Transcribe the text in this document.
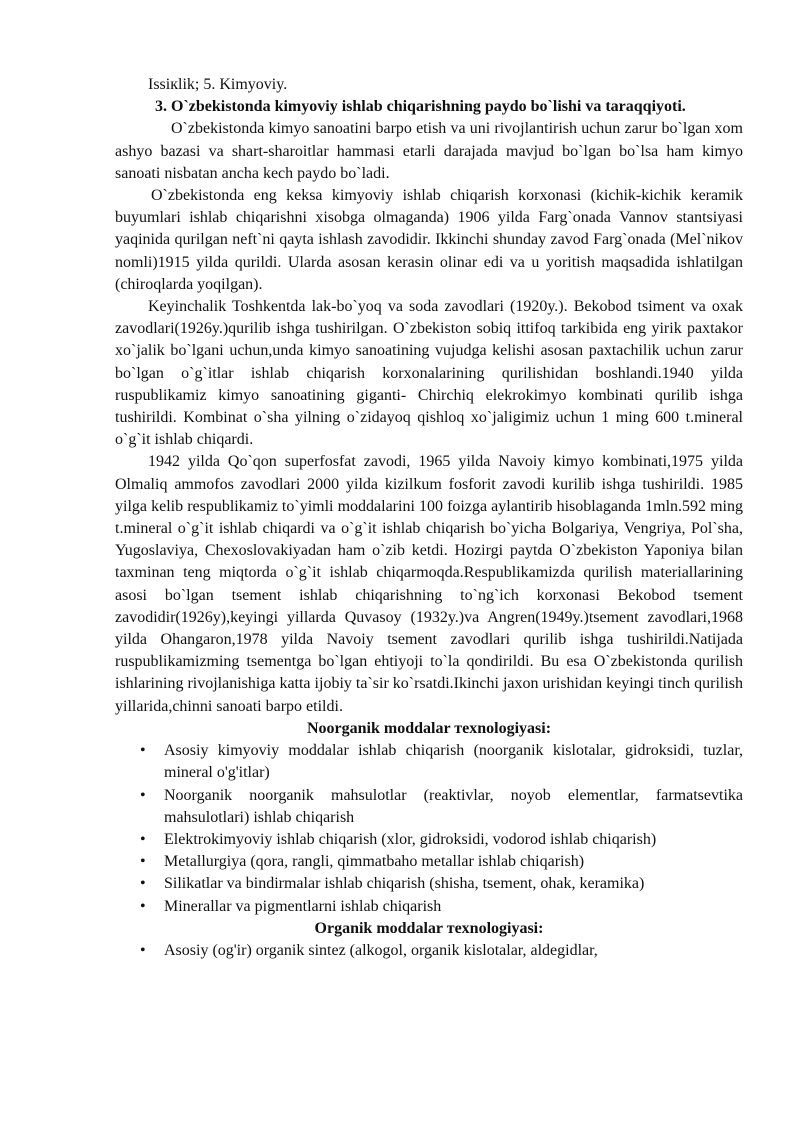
Issiкlik; 5. Kimyoviy.

3. O`zbekistonda kimyoviy ishlab chiqarishning paydo bo`lishi va taraqqiyoti.

O`zbekistonda kimyo sanoatini barpo etish va uni rivojlantirish uchun zarur bo`lgan xom ashyo bazasi va shart-sharoitlar hammasi etarli darajada mavjud bo`lgan bo`lsa ham kimyo sanoati nisbatan ancha kech paydo bo`ladi.

O`zbekistonda eng keksa kimyoviy ishlab chiqarish korxonasi (kichik-kichik keramik buyumlari ishlab chiqarishni xisobga olmaganda) 1906 yilda Farg`onada Vannov stantsiyasi yaqinida qurilgan neft`ni qayta ishlash zavodidir. Ikkinchi shunday zavod Farg`onada (Mel`nikov nomli)1915 yilda qurildi. Ularda asosan kerasin olinar edi va u yoritish maqsadida ishlatilgan (chiroqlarda yoqilgan).

Keyinchalik Toshkentda lak-bo`yoq va soda zavodlari (1920y.). Bekobod tsiment va oxak zavodlari(1926y.)qurilib ishga tushirilgan. O`zbekiston sobiq ittifoq tarkibida eng yirik paxtakor xo`jalik bo`lgani uchun,unda kimyo sanoatining vujudga kelishi asosan paxtachilik uchun zarur bo`lgan o`g`itlar ishlab chiqarish korxonalarining qurilishidan boshlandi.1940 yilda ruspublikamiz kimyo sanoatining giganti- Chirchiq elekrokimyo kombinati qurilib ishga tushirildi. Kombinat o`sha yilning o`zidayoq qishloq xo`jaligimiz uchun 1 ming 600 t.mineral o`g`it ishlab chiqardi.

1942 yilda Qo`qon superfosfat zavodi, 1965 yilda Navoiy kimyo kombinati,1975 yilda Olmaliq ammofos zavodlari 2000 yilda kizilkum fosforit zavodi kurilib ishga tushirildi. 1985 yilga kelib respublikamiz to`yimli moddalarini 100 foizga aylantirib hisoblaganda 1mln.592 ming t.mineral o`g`it ishlab chiqardi va o`g`it ishlab chiqarish bo`yicha Bolgariya, Vengriya, Pol`sha, Yugoslaviya, Chexoslovakiyadan ham o`zib ketdi. Hozirgi paytda O`zbekiston Yaponiya bilan taxminan teng miqtorda o`g`it ishlab chiqarmoqda.Respublikamizda qurilish materiallarining asosi bo`lgan tsement ishlab chiqarishning to`ng`ich korxonasi Bekobod tsement zavodidir(1926y),keyingi yillarda Quvasoy (1932y.)va Angren(1949y.)tsement zavodlari,1968 yilda Ohangaron,1978 yilda Navoiy tsement zavodlari qurilib ishga tushirildi.Natijada ruspublikamizming tsementga bo`lgan ehtiyoji to`la qondirildi. Bu esa O`zbekistonda qurilish ishlarining rivojlanishiga katta ijobiy ta`sir ko`rsatdi.Ikinchi jaxon urishidan keyingi tinch qurilish yillarida,chinni sanoati barpo etildi.

Noorganik moddalar тexnologiyasi:

• Asosiy kimyoviy moddalar ishlab chiqarish (noorganik kislotalar, gidroksidi, tuzlar, mineral o'g'itlar)
• Noorganik noorganik mahsulotlar (reaktivlar, noyob elementlar, farmatsevtika mahsulotlari) ishlab chiqarish
• Elektrokimyoviy ishlab chiqarish (xlor, gidroksidi, vodorod ishlab chiqarish)
• Metallurgiya (qora, rangli, qimmatbaho metallar ishlab chiqarish)
• Silikatlar va bindirmalar ishlab chiqarish (shisha, tsement, ohak, keramika)
• Minerallar va pigmentlarni ishlab chiqarish

Organik moddalar тexnologiyasi:

• Asosiy (og'ir) organik sintez (alkogol, organik kislotalar, aldegidlar,
